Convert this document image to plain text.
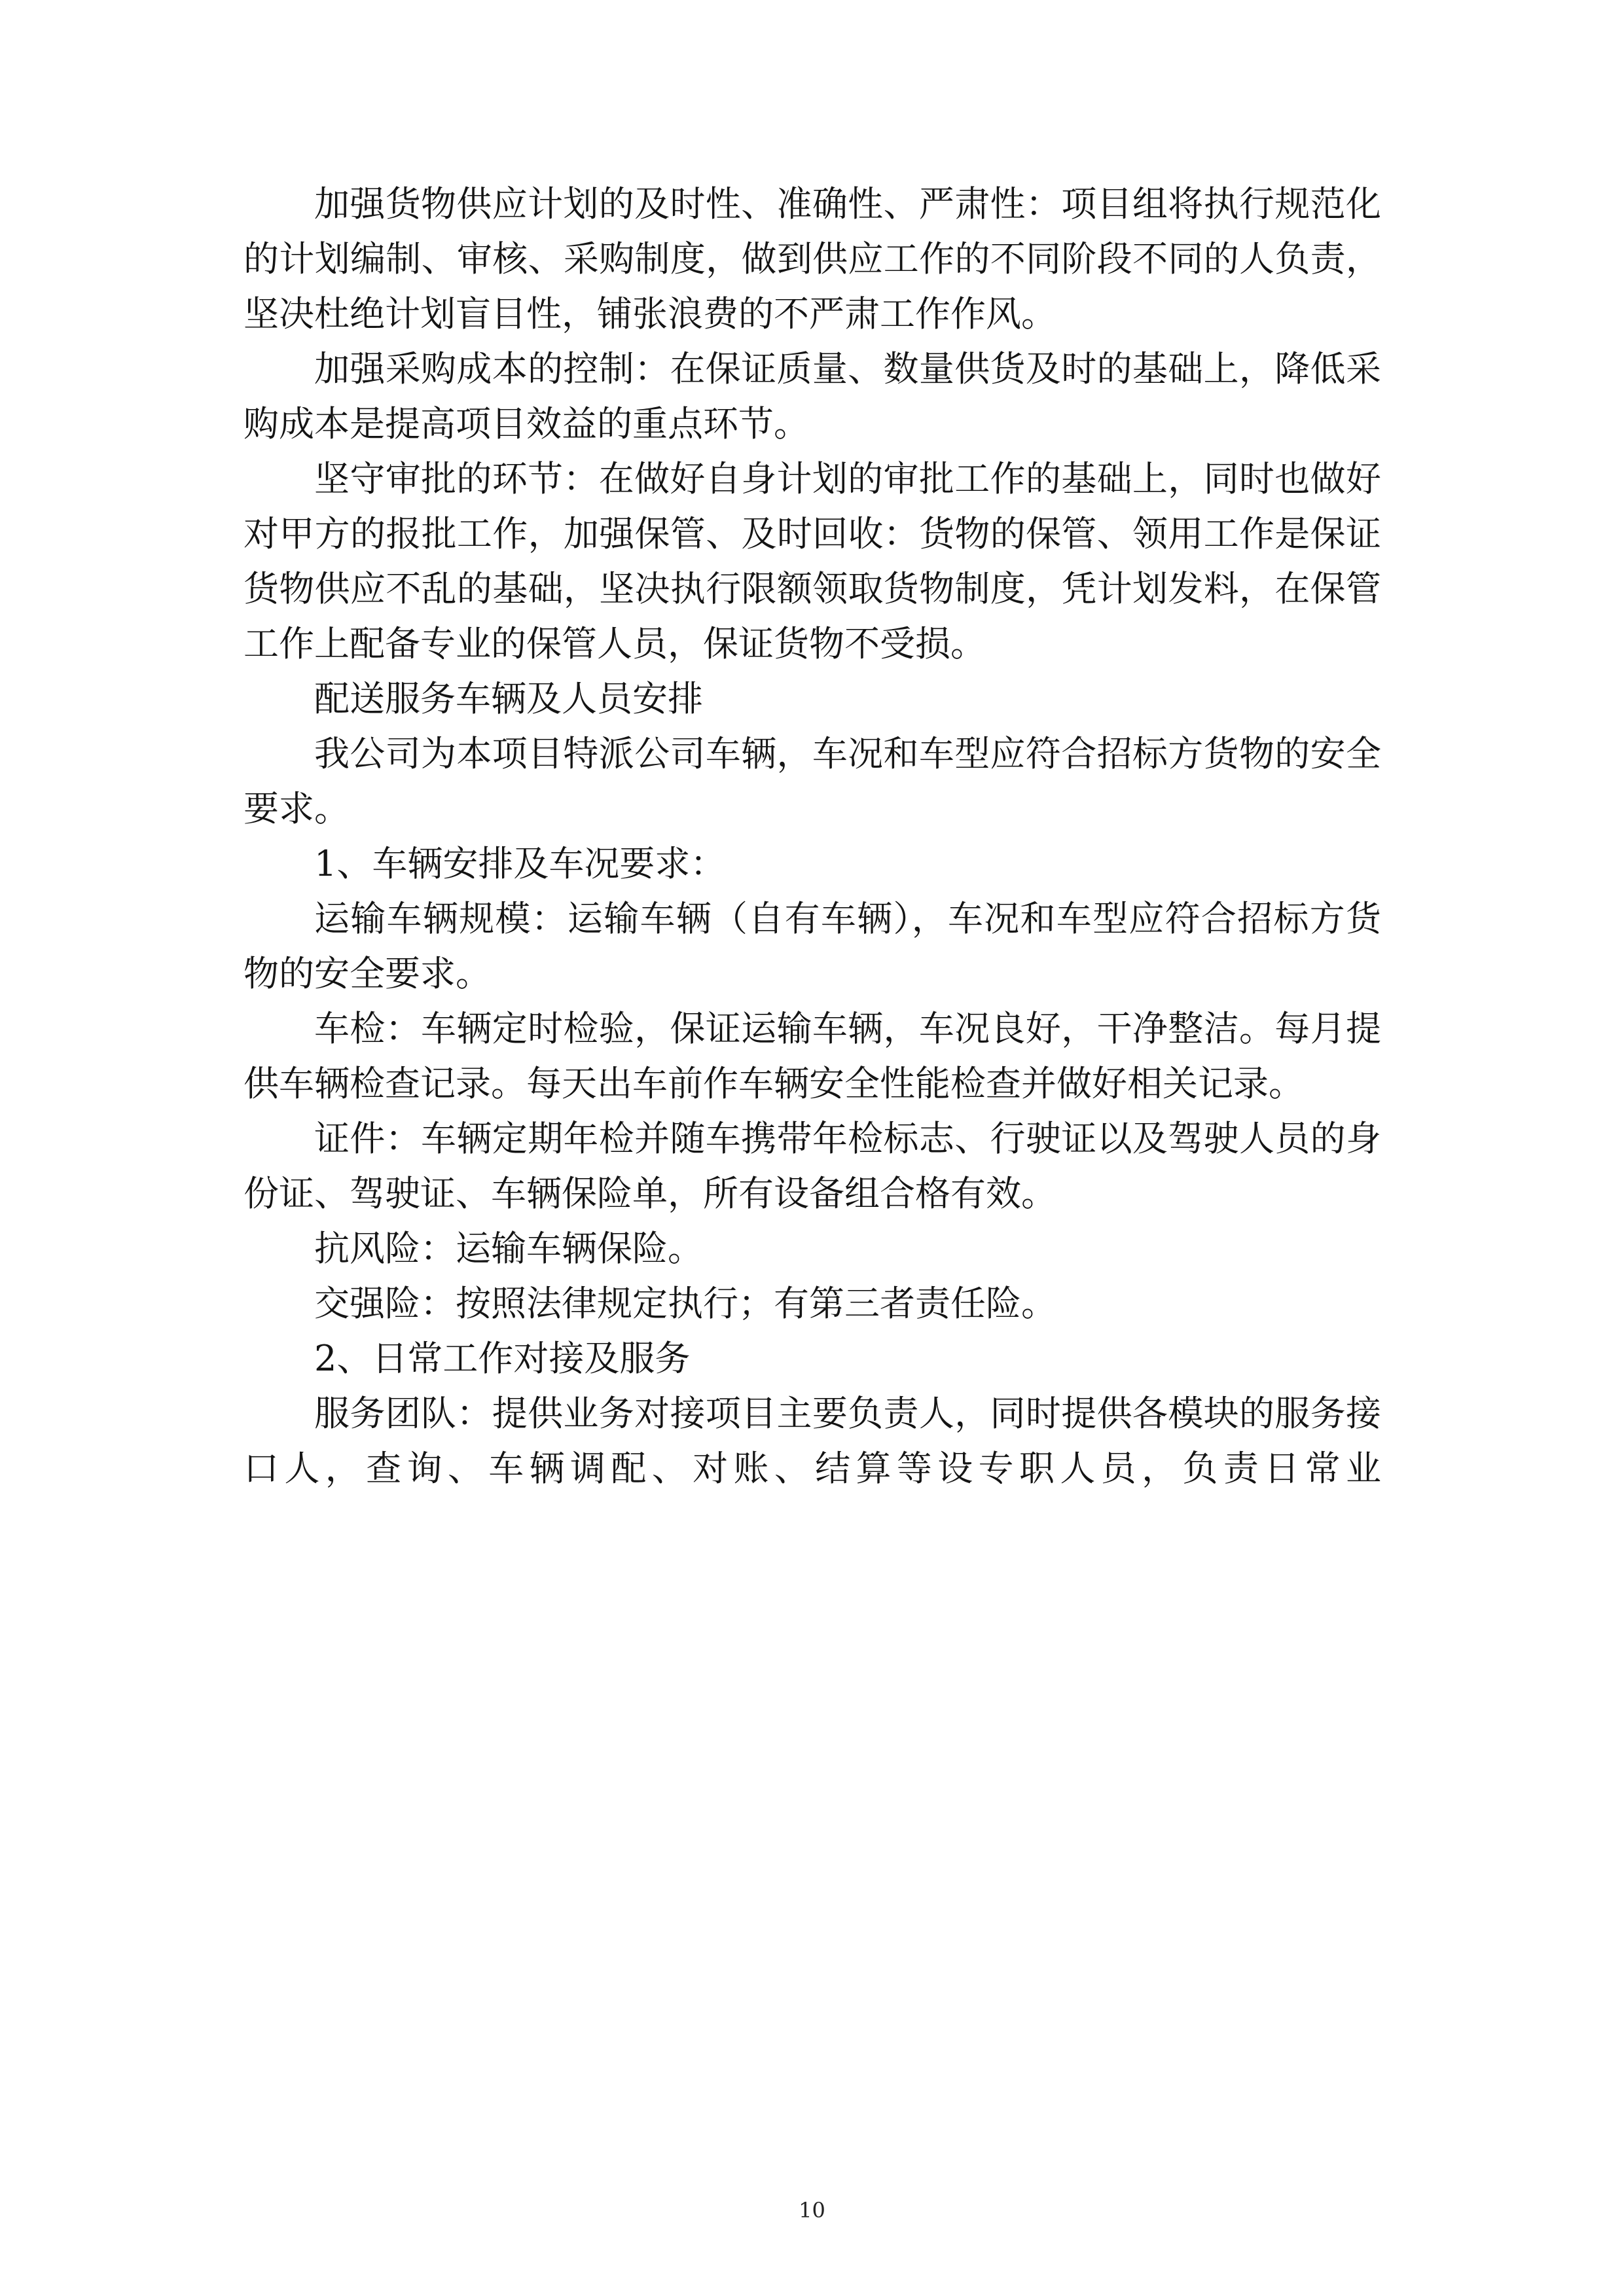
加强货物供应计划的及时性、准确性、严肃性：项目组将执行规范化的计划编制、审核、采购制度，做到供应工作的不同阶段不同的人负责，坚决杜绝计划盲目性，铺张浪费的不严肃工作作风。

加强采购成本的控制：在保证质量、数量供货及时的基础上，降低采购成本是提高项目效益的重点环节。

坚守审批的环节：在做好自身计划的审批工作的基础上，同时也做好对甲方的报批工作，加强保管、及时回收：货物的保管、领用工作是保证货物供应不乱的基础，坚决执行限额领取货物制度，凭计划发料，在保管工作上配备专业的保管人员，保证货物不受损。

配送服务车辆及人员安排

我公司为本项目特派公司车辆，车况和车型应符合招标方货物的安全要求。

1、车辆安排及车况要求：

运输车辆规模：运输车辆（自有车辆），车况和车型应符合招标方货物的安全要求。

车检：车辆定时检验，保证运输车辆，车况良好，干净整洁。每月提供车辆检查记录。每天出车前作车辆安全性能检查并做好相关记录。

证件：车辆定期年检并随车携带年检标志、行驶证以及驾驶人员的身份证、驾驶证、车辆保险单，所有设备组合格有效。

抗风险：运输车辆保险。

交强险：按照法律规定执行；有第三者责任险。

2、日常工作对接及服务

服务团队：提供业务对接项目主要负责人，同时提供各模块的服务接口人，查询、车辆调配、对账、结算等设专职人员，负责日常业

10
